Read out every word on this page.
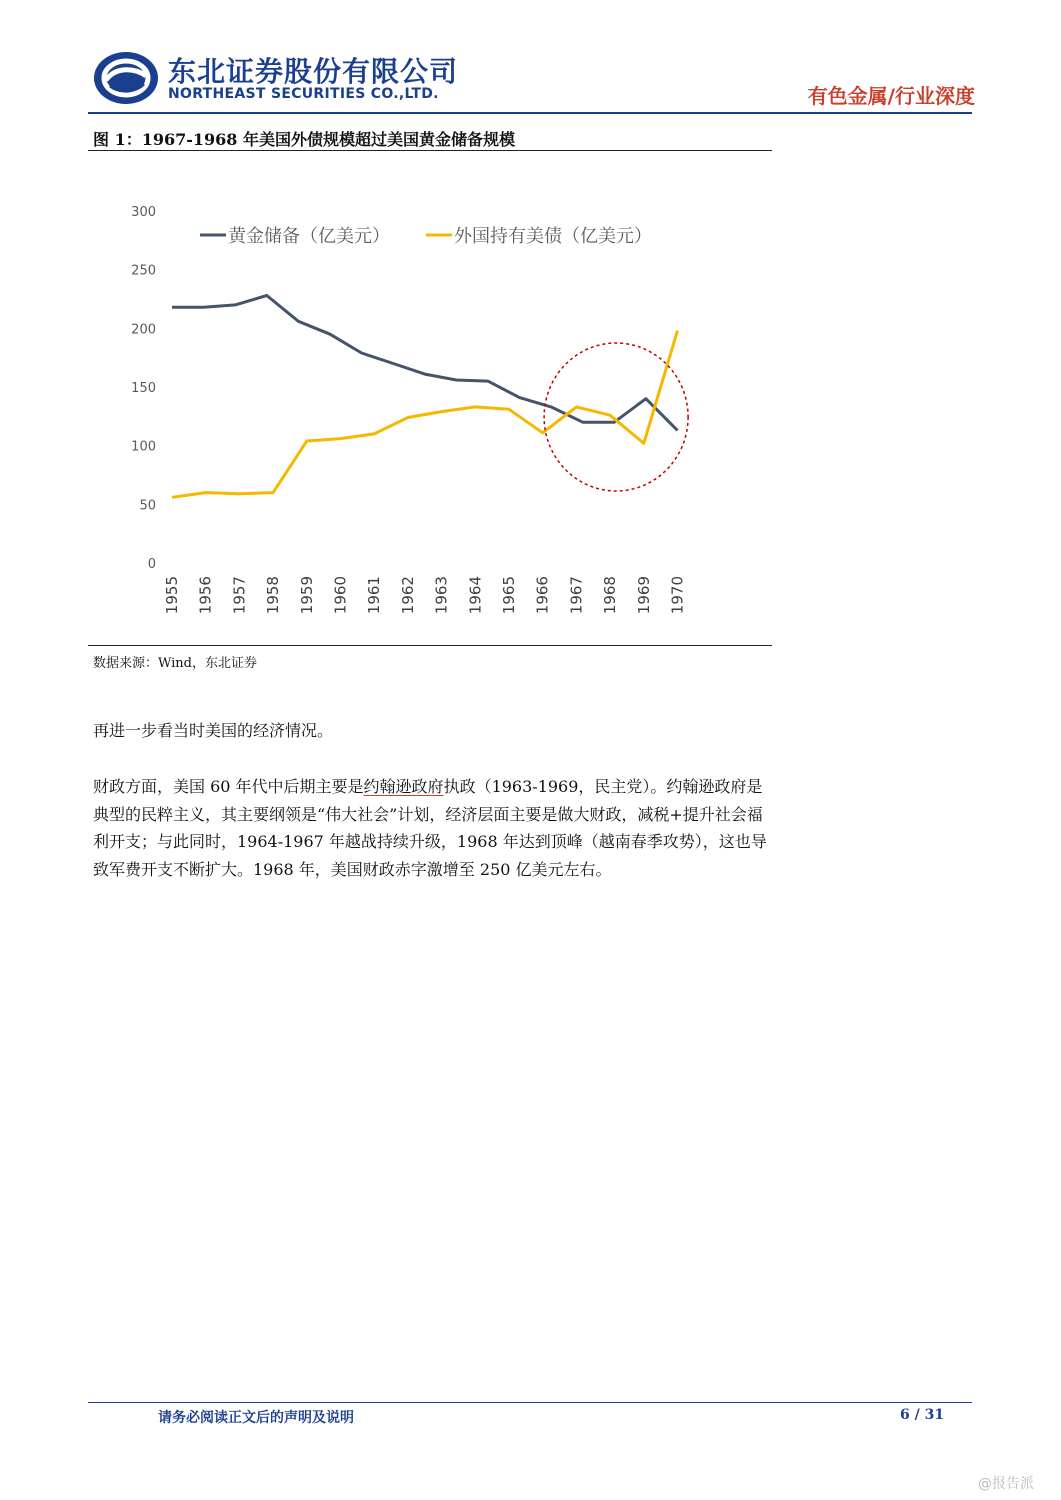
东北证券股份有限公司
NORTHEAST SECURITIES CO.,LTD.	有色金属/行业深度
图 1：1967-1968 年美国外债规模超过美国黄金储备规模
300
250
200
150
100
50
0
1955 1956 1957 1958 1959 1960 1961 1962 1963 1964 1965 1966 1967 1968 1969 1970
黄金储备（亿美元）	外国持有美债（亿美元）
数据来源：Wind，东北证券
再进一步看当时美国的经济情况。
财政方面，美国 60 年代中后期主要是约翰逊政府执政（1963-1969，民主党）。约翰逊政府是典型的民粹主义，其主要纲领是“伟大社会”计划，经济层面主要是做大财政，减税+提升社会福利开支；与此同时，1964-1967 年越战持续升级，1968 年达到顶峰（越南春季攻势），这也导致军费开支不断扩大。1968 年，美国财政赤字激增至 250 亿美元左右。
请务必阅读正文后的声明及说明	6 / 31
@报告派
